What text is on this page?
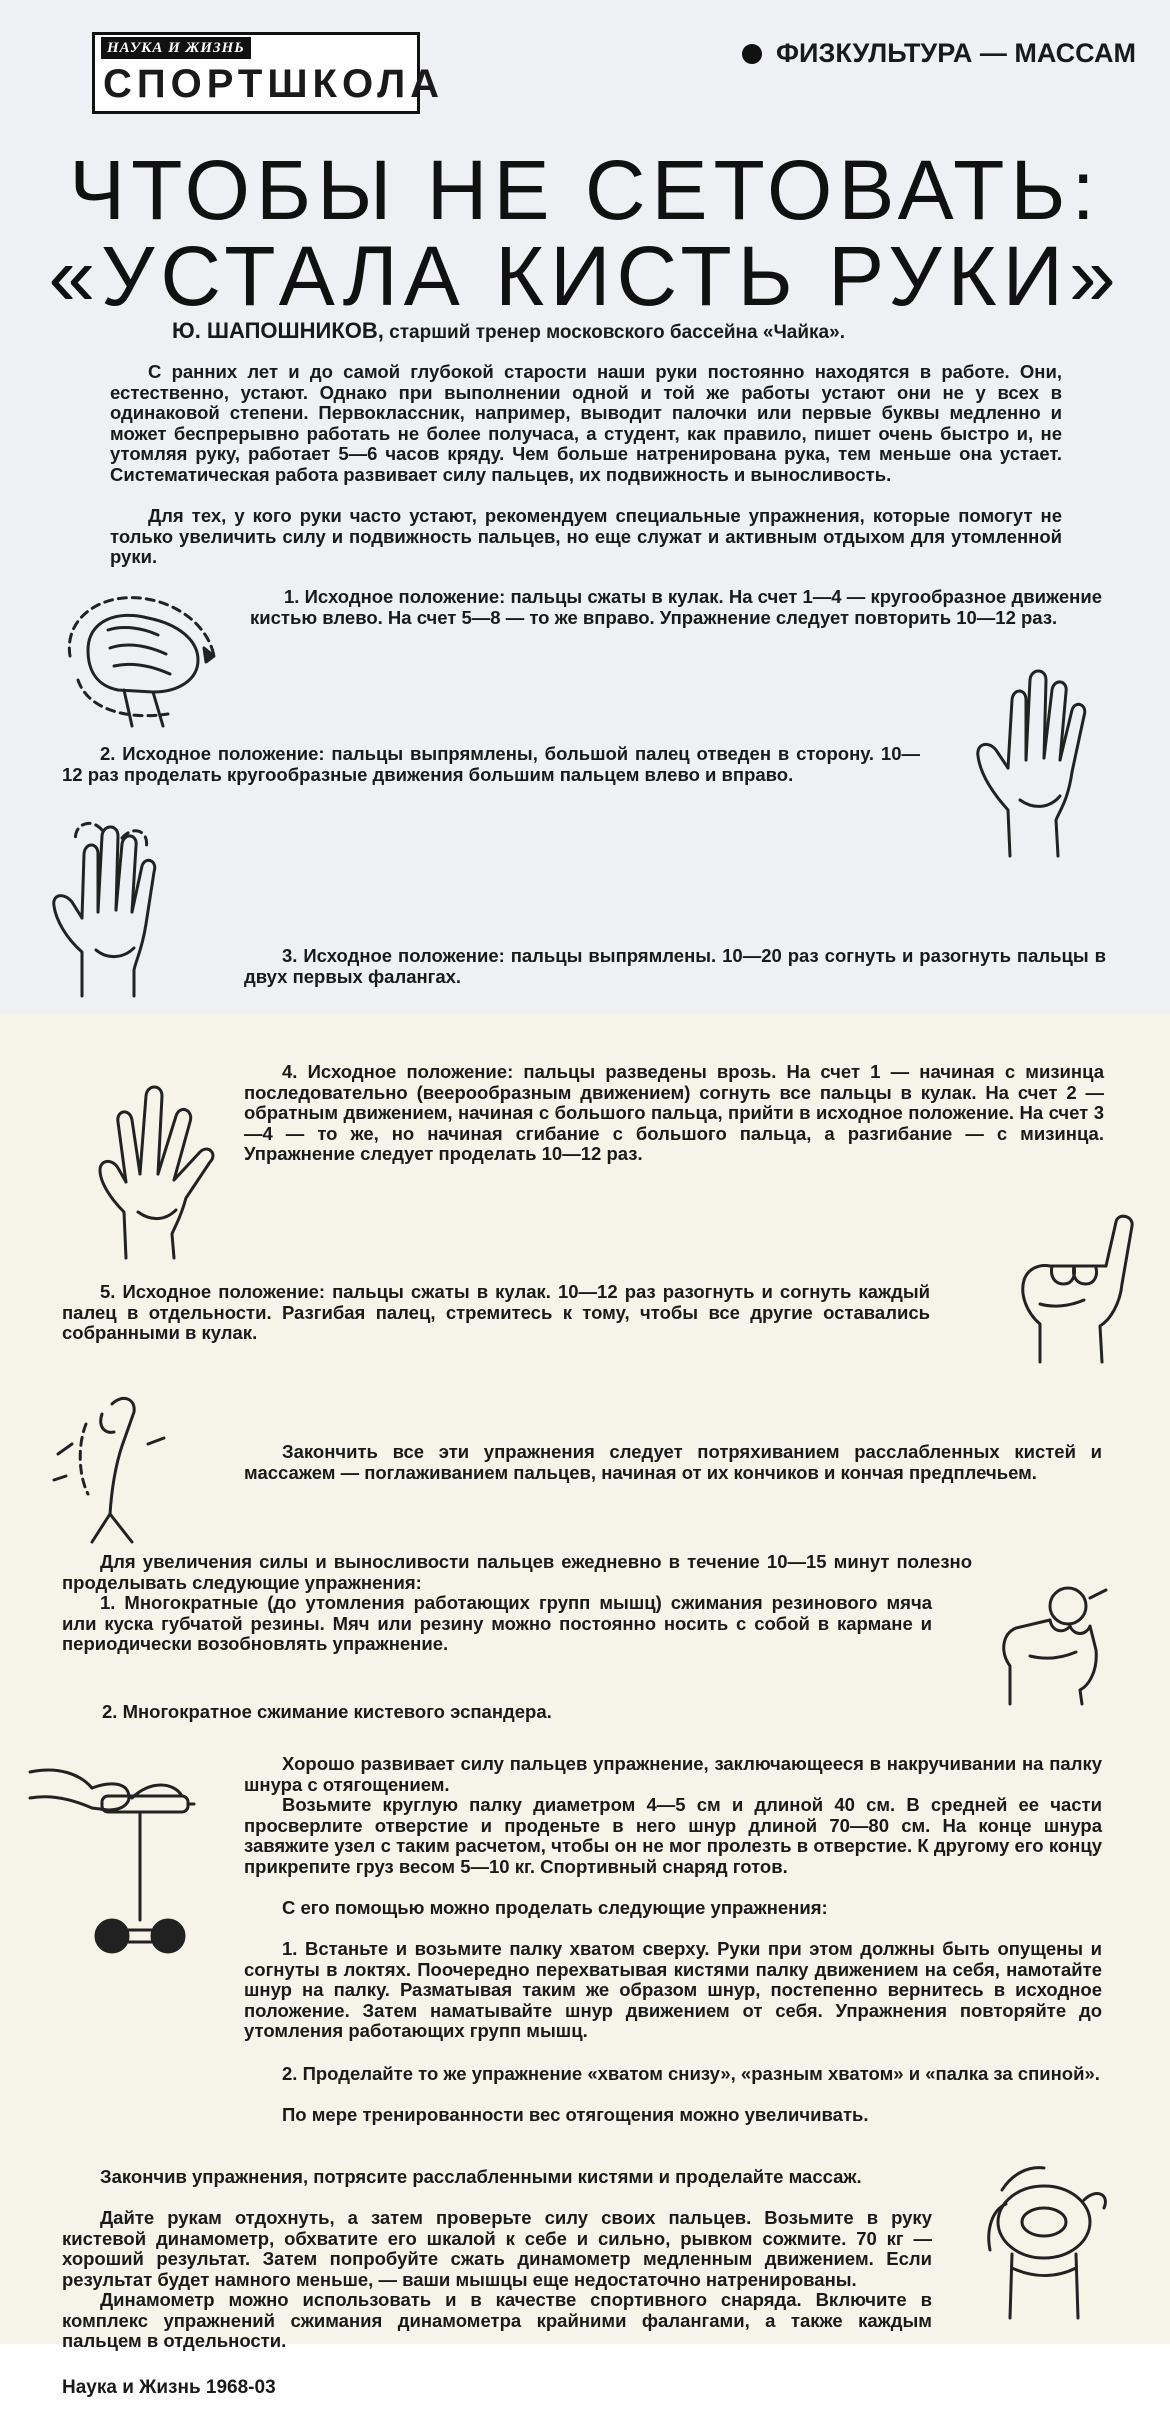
НАУКА И ЖИЗНЬ
СПОРТШКОЛА
ФИЗКУЛЬТУРА — МАССАМ
ЧТОБЫ НЕ СЕТОВАТЬ:
«УСТАЛА КИСТЬ РУКИ»
Ю. ШАПОШНИКОВ, старший тренер московского бассейна «Чайка».

С ранних лет и до самой глубокой старости наши руки постоянно находятся в работе. Они, естественно, устают. Однако при выполнении одной и той же работы устают они не у всех в одинаковой степени. Первоклассник, например, выводит палочки или первые буквы медленно и может беспрерывно работать не более получаса, а студент, как правило, пишет очень быстро и, не утомляя руку, работает 5—6 часов кряду. Чем больше натренирована рука, тем меньше она устает. Систематическая работа развивает силу пальцев, их подвижность и выносливость.

Для тех, у кого руки часто устают, рекомендуем специальные упражнения, которые помогут не только увеличить силу и подвижность пальцев, но еще служат и активным отдыхом для утомленной руки.

1. Исходное положение: пальцы сжаты в кулак. На счет 1—4 — кругообразное движение кистью влево. На счет 5—8 — то же вправо. Упражнение следует повторить 10—12 раз.

2. Исходное положение: пальцы выпрямлены, большой палец отведен в сторону. 10—12 раз проделать кругообразные движения большим пальцем влево и вправо.

3. Исходное положение: пальцы выпрямлены. 10—20 раз согнуть и разогнуть пальцы в двух первых фалангах.

4. Исходное положение: пальцы разведены врозь. На счет 1 — начиная с мизинца последовательно (веерообразным движением) согнуть все пальцы в кулак. На счет 2 — обратным движением, начиная с большого пальца, прийти в исходное положение. На счет 3—4 — то же, но начиная сгибание с большого пальца, а разгибание — с мизинца. Упражнение следует проделать 10—12 раз.

5. Исходное положение: пальцы сжаты в кулак. 10—12 раз разогнуть и согнуть каждый палец в отдельности. Разгибая палец, стремитесь к тому, чтобы все другие оставались собранными в кулак.

Закончить все эти упражнения следует потряхиванием расслабленных кистей и массажем — поглаживанием пальцев, начиная от их кончиков и кончая предплечьем.

Для увеличения силы и выносливости пальцев ежедневно в течение 10—15 минут полезно проделывать следующие упражнения:

1. Многократные (до утомления работающих групп мышц) сжимания резинового мяча или куска губчатой резины. Мяч или резину можно постоянно носить с собой в кармане и периодически возобновлять упражнение.

2. Многократное сжимание кистевого эспандера.

Хорошо развивает силу пальцев упражнение, заключающееся в накручивании на палку шнура с отягощением.

Возьмите круглую палку диаметром 4—5 см и длиной 40 см. В средней ее части просверлите отверстие и проденьте в него шнур длиной 70—80 см. На конце шнура завяжите узел с таким расчетом, чтобы он не мог пролезть в отверстие. К другому его концу прикрепите груз весом 5—10 кг. Спортивный снаряд готов.

С его помощью можно проделать следующие упражнения:

1. Встаньте и возьмите палку хватом сверху. Руки при этом должны быть опущены и согнуты в локтях. Поочередно перехватывая кистями палку движением на себя, намотайте шнур на палку. Разматывая таким же образом шнур, постепенно вернитесь в исходное положение. Затем наматывайте шнур движением от себя. Упражнения повторяйте до утомления работающих групп мышц.

2. Проделайте то же упражнение «хватом снизу», «разным хватом» и «палка за спиной».

По мере тренированности вес отягощения можно увеличивать.

Закончив упражнения, потрясите расслабленными кистями и проделайте массаж.

Дайте рукам отдохнуть, а затем проверьте силу своих пальцев. Возьмите в руку кистевой динамометр, обхватите его шкалой к себе и сильно, рывком сожмите. 70 кг — хороший результат. Затем попробуйте сжать динамометр медленным движением. Если результат будет намного меньше, — ваши мышцы еще недостаточно натренированы.

Динамометр можно использовать и в качестве спортивного снаряда. Включите в комплекс упражнений сжимания динамометра крайними фалангами, а также каждым пальцем в отдельности.

Наука и Жизнь 1968-03
